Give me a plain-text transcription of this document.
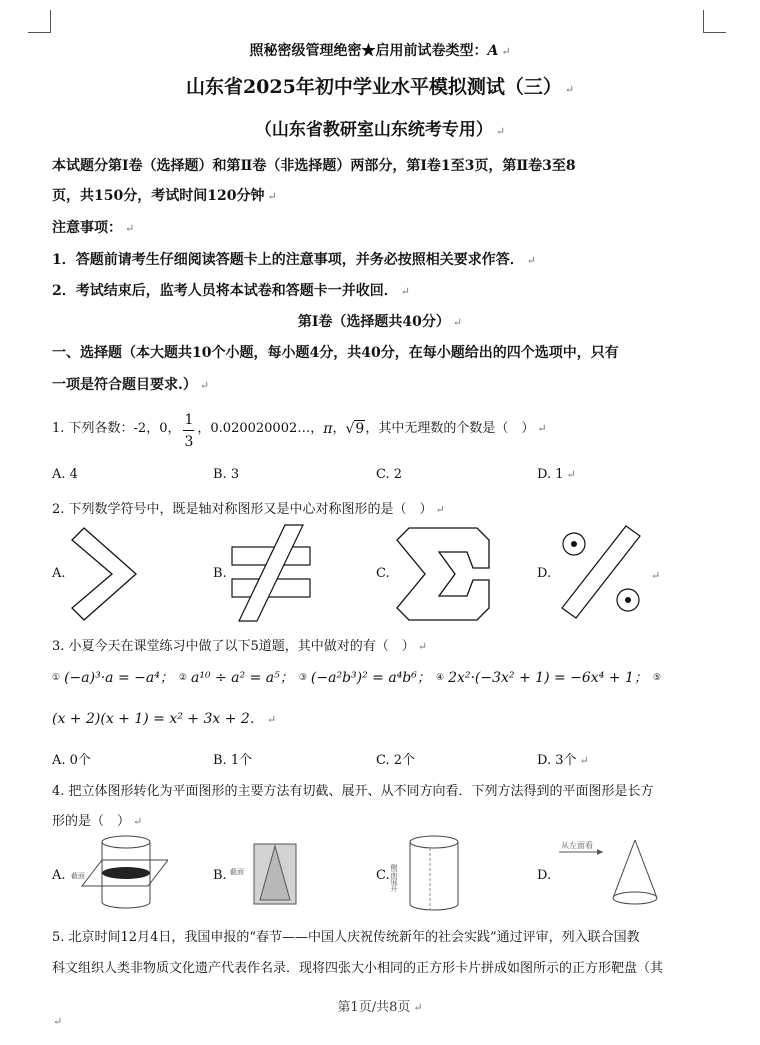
照秘密级管理绝密★启用前试卷类型：A ↵
山东省2025年初中学业水平模拟测试（三） ↵
（山东省教研室山东统考专用） ↵
本试题分第Ⅰ卷（选择题）和第Ⅱ卷（非选择题）两部分，第Ⅰ卷1至3页，第Ⅱ卷3至8
页，共150分，考试时间120分钟 ↵
注意事项： ↵
1．答题前请考生仔细阅读答题卡上的注意事项，并务必按照相关要求作答． ↵
2．考试结束后，监考人员将本试卷和答题卡一并收回． ↵
第Ⅰ卷（选择题共40分） ↵
一、选择题（本大题共10个小题，每小题4分，共40分，在每小题给出的四个选项中，只有
一项是符合题目要求.） ↵
1. 下列各数：-2，0， $\frac{1}{3}$ ，0.020020002…，π，√9，其中无理数的个数是（　） ↵
A. 4	B. 3	C. 2	D. 1 ↵
2. 下列数学符号中，既是轴对称图形又是中心对称图形的是（　） ↵
A.	B.	C.	D.	↵
3. 小夏今天在课堂练习中做了以下5道题，其中做对的有（　） ↵
① (−a)³·a = −a⁴； ② a¹⁰ ÷ a² = a⁵； ③ (−a²b³)² = a⁴b⁶； ④ 2x²·(−3x² + 1) = −6x⁴ + 1； ⑤
(x + 2)(x + 1) = x² + 3x + 2． ↵
A. 0个	B. 1个	C. 2个	D. 3个 ↵
4. 把立体图形转化为平面图形的主要方法有切截、展开、从不同方向看．下列方法得到的平面图形是长方
形的是（　） ↵
A. 截面	B. 截面	C. 侧面展开	D.
从左面看
5. 北京时间12月4日，我国申报的“春节——中国人庆祝传统新年的社会实践”通过评审，列入联合国教
科文组织人类非物质文化遗产代表作名录．现将四张大小相同的正方形卡片拼成如图所示的正方形靶盘（其
第1页/共8页 ↵
↵
